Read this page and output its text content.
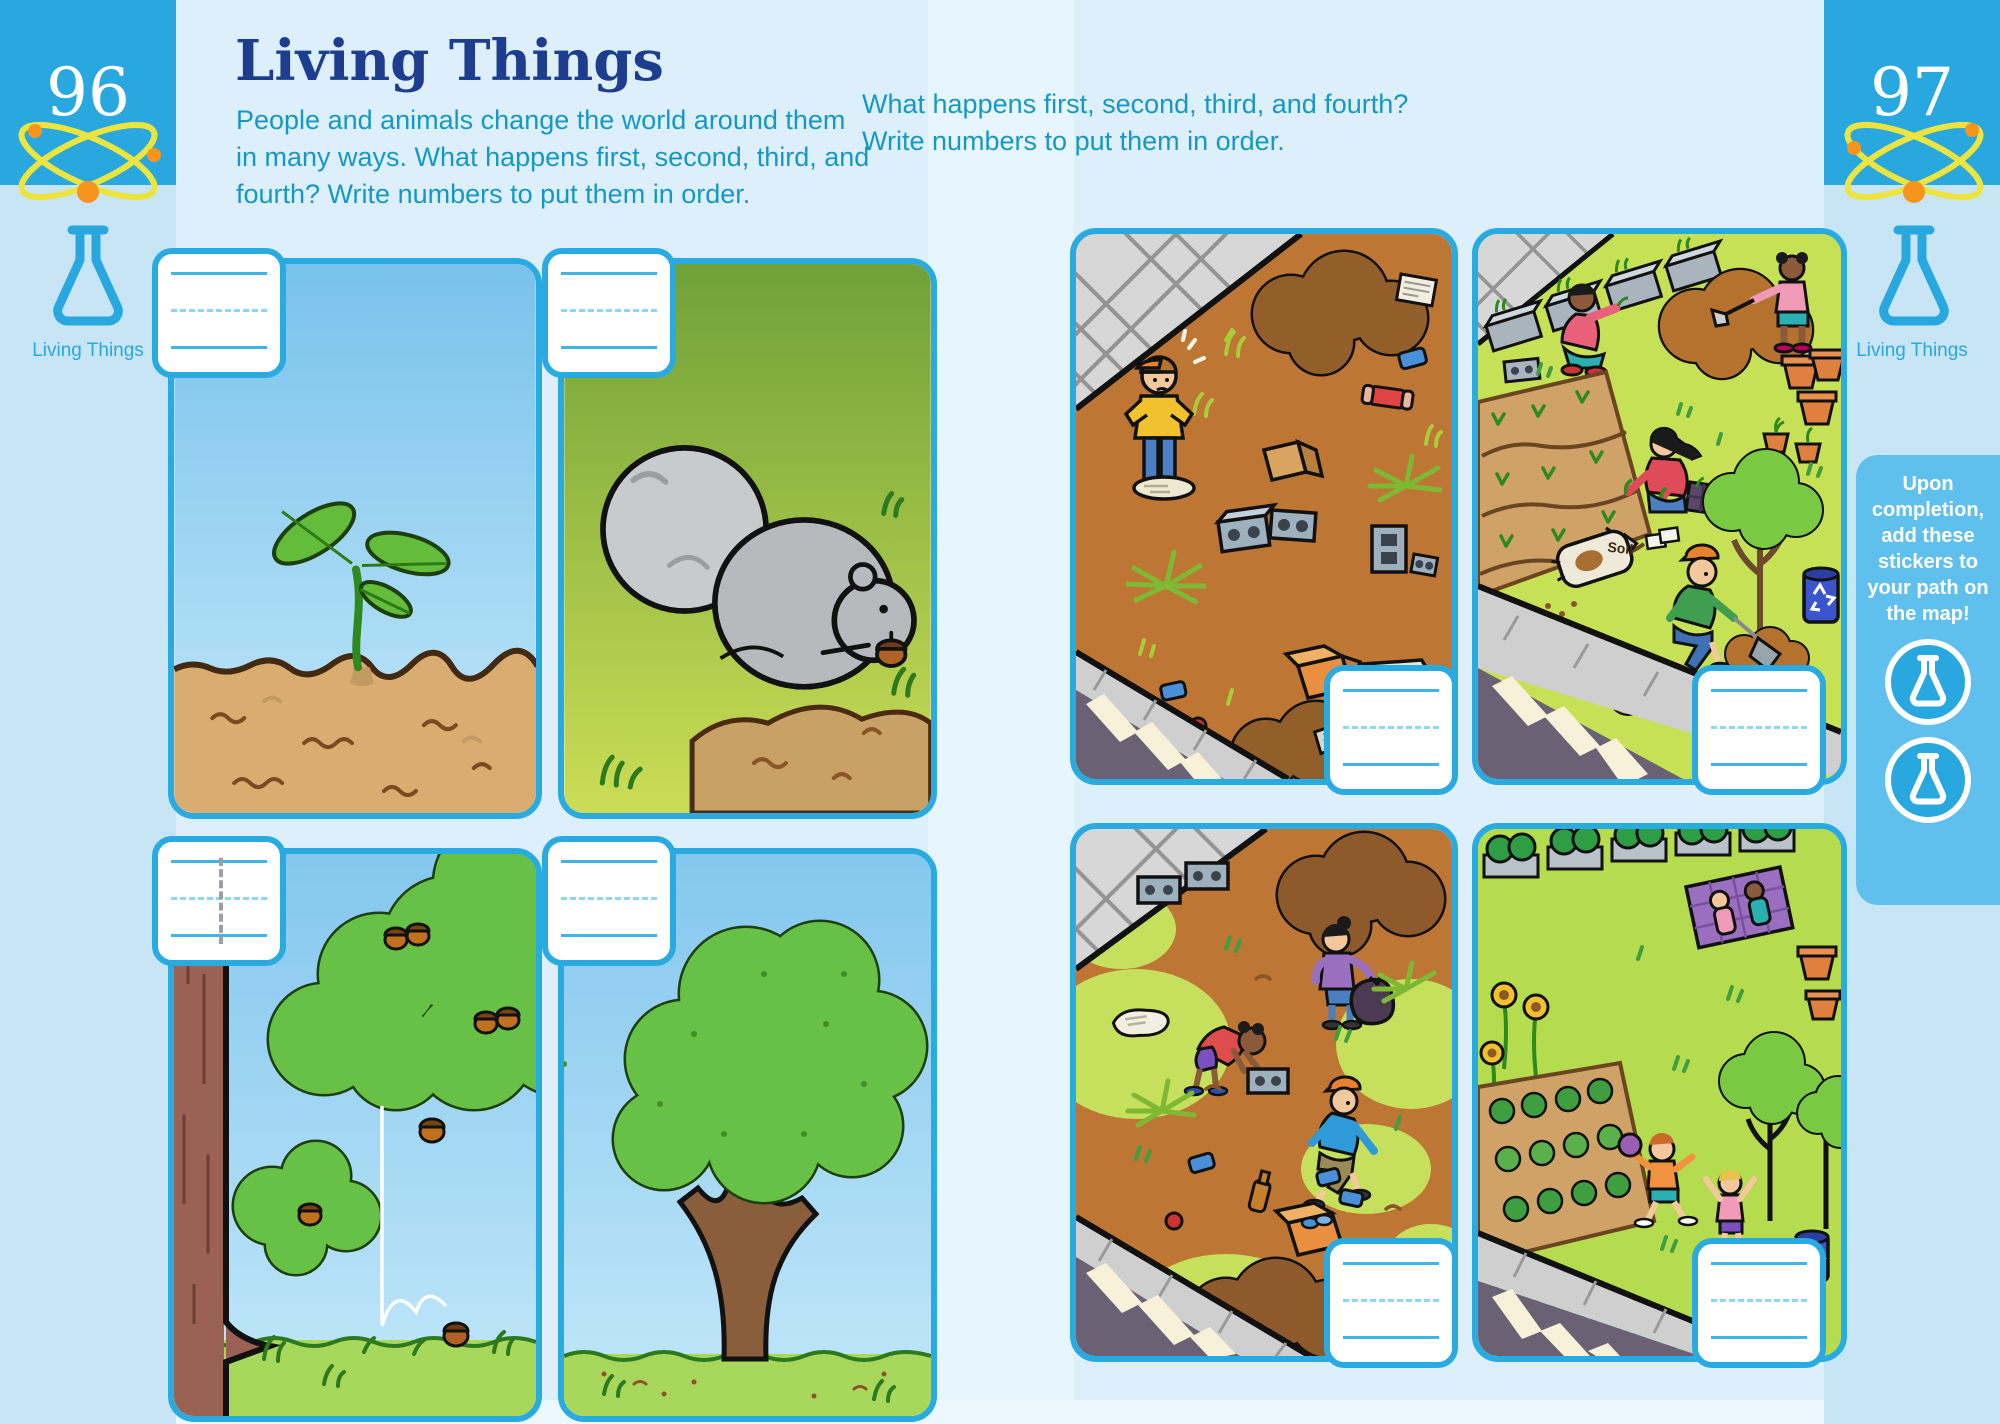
96
Living Things
97
Living Things
Upon completion, add these stickers to your path on the map!
Living Things
People and animals change the world around them
in many ways. What happens first, second, third, and
fourth? Write numbers to put them in order.
What happens first, second, third, and fourth?
Write numbers to put them in order.
Soil
